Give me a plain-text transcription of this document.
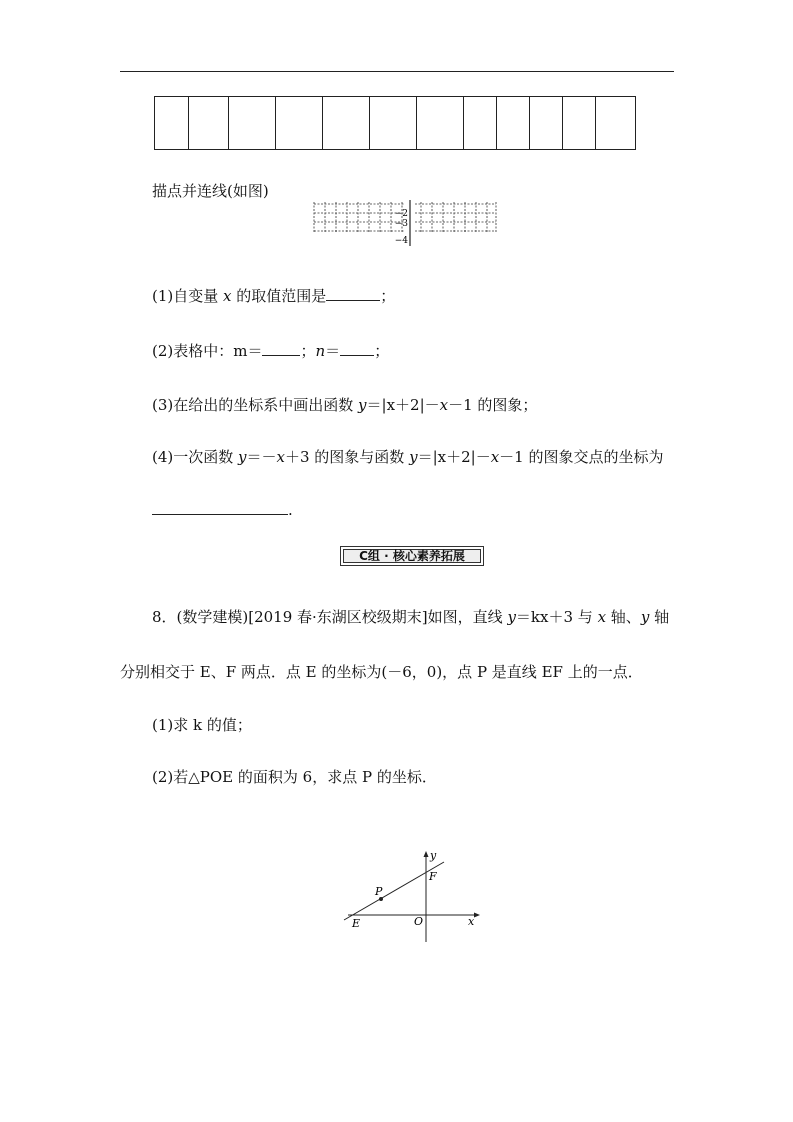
描点并连线(如图)
−2
−3
−4
(1)自变量 x 的取值范围是	；
(2)表格中：m＝	；n＝ ；
(3)在给出的坐标系中画出函数 y＝|x＋2|－x－1 的图象；
(4)一次函数 y＝－x＋3 的图象与函数 y＝|x＋2|－x－1 的图象交点的坐标为
.
C组 · 核心素养拓展
8．(数学建模)[2019 春·东湖区校级期末]如图，直线 y＝kx＋3 与 x 轴、y 轴
分别相交于 E、F 两点．点 E 的坐标为(－6，0)，点 P 是直线 EF 上的一点．
(1)求 k 的值；
(2)若△POE 的面积为 6，求点 P 的坐标．
y
x
O
E
F
P
